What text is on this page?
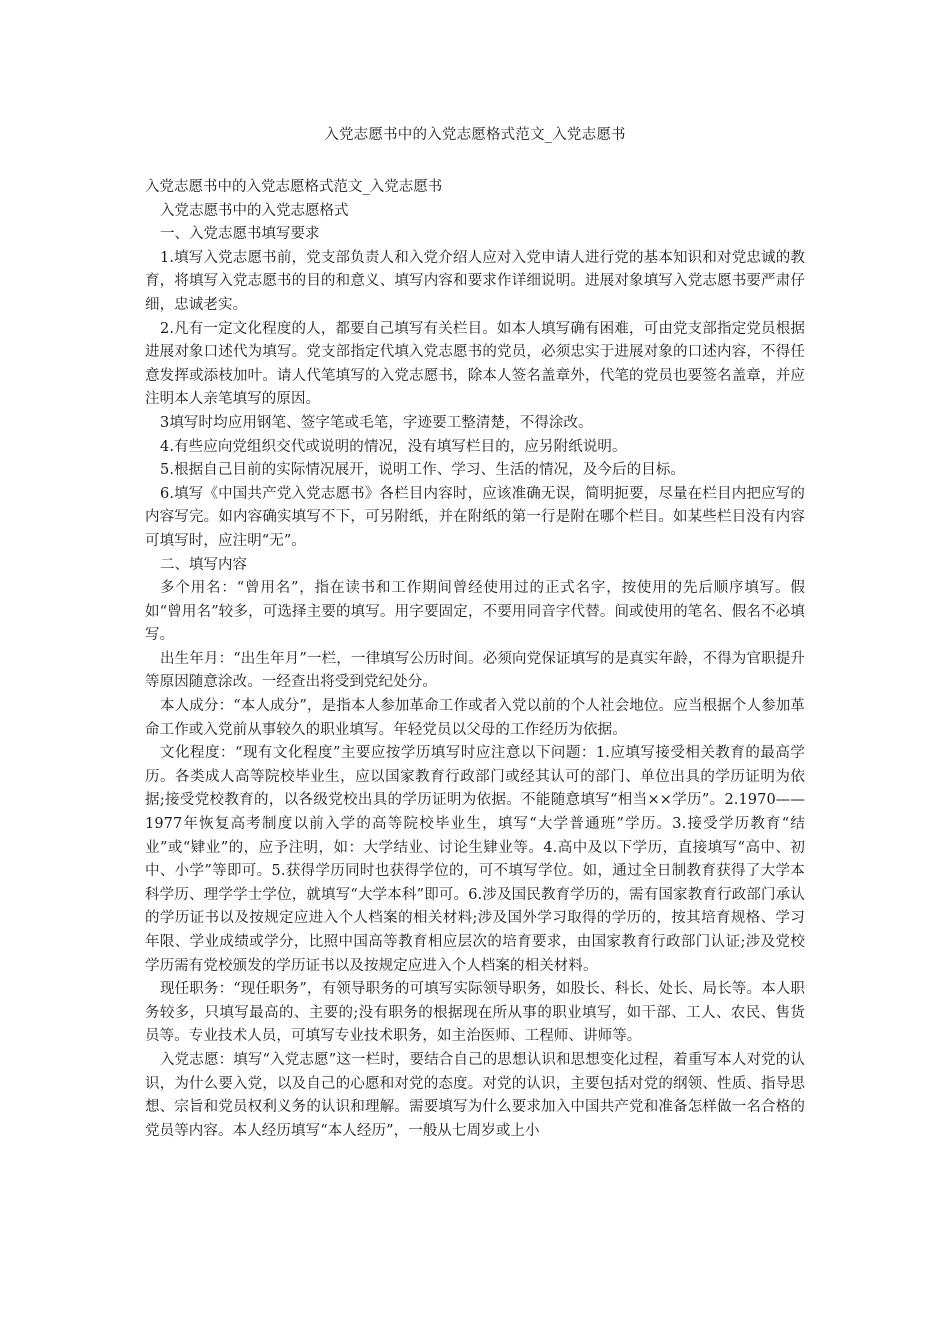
入党志愿书中的入党志愿格式范文_入党志愿书

入党志愿书中的入党志愿格式范文_入党志愿书

入党志愿书中的入党志愿格式

一、入党志愿书填写要求

1.填写入党志愿书前，党支部负责人和入党介绍人应对入党申请人进行党的基本知识和对党忠诚的教育，将填写入党志愿书的目的和意义、填写内容和要求作详细说明。进展对象填写入党志愿书要严肃仔细，忠诚老实。

2.凡有一定文化程度的人，都要自己填写有关栏目。如本人填写确有困难，可由党支部指定党员根据进展对象口述代为填写。党支部指定代填入党志愿书的党员，必须忠实于进展对象的口述内容，不得任意发挥或添枝加叶。请人代笔填写的入党志愿书，除本人签名盖章外，代笔的党员也要签名盖章，并应注明本人亲笔填写的原因。

3填写时均应用钢笔、签字笔或毛笔，字迹要工整清楚，不得涂改。

4.有些应向党组织交代或说明的情况，没有填写栏目的，应另附纸说明。

5.根据自己目前的实际情况展开，说明工作、学习、生活的情况，及今后的目标。

6.填写《中国共产党入党志愿书》各栏目内容时，应该准确无误，简明扼要，尽量在栏目内把应写的内容写完。如内容确实填写不下，可另附纸，并在附纸的第一行是附在哪个栏目。如某些栏目没有内容可填写时，应注明“无”。

二、填写内容

多个用名：“曾用名”，指在读书和工作期间曾经使用过的正式名字，按使用的先后顺序填写。假如“曾用名”较多，可选择主要的填写。用字要固定，不要用同音字代替。间或使用的笔名、假名不必填写。

出生年月：“出生年月”一栏，一律填写公历时间。必须向党保证填写的是真实年龄，不得为官职提升等原因随意涂改。一经查出将受到党纪处分。

本人成分：“本人成分”，是指本人参加革命工作或者入党以前的个人社会地位。应当根据个人参加革命工作或入党前从事较久的职业填写。年轻党员以父母的工作经历为依据。

文化程度：“现有文化程度”主要应按学历填写时应注意以下问题：1.应填写接受相关教育的最高学历。各类成人高等院校毕业生，应以国家教育行政部门或经其认可的部门、单位出具的学历证明为依据;接受党校教育的，以各级党校出具的学历证明为依据。不能随意填写“相当××学历”。2.1970——1977年恢复高考制度以前入学的高等院校毕业生，填写“大学普通班”学历。3.接受学历教育“结业”或“肄业”的，应予注明，如：大学结业、讨论生肄业等。4.高中及以下学历，直接填写“高中、初中、小学”等即可。5.获得学历同时也获得学位的，可不填写学位。如，通过全日制教育获得了大学本科学历、理学学士学位，就填写“大学本科”即可。6.涉及国民教育学历的，需有国家教育行政部门承认的学历证书以及按规定应进入个人档案的相关材料;涉及国外学习取得的学历的，按其培育规格、学习年限、学业成绩或学分，比照中国高等教育相应层次的培育要求，由国家教育行政部门认证;涉及党校学历需有党校颁发的学历证书以及按规定应进入个人档案的相关材料。

现任职务：“现任职务”，有领导职务的可填写实际领导职务，如股长、科长、处长、局长等。本人职务较多，只填写最高的、主要的;没有职务的根据现在所从事的职业填写，如干部、工人、农民、售货员等。专业技术人员，可填写专业技术职务，如主治医师、工程师、讲师等。

入党志愿：填写“入党志愿”这一栏时，要结合自己的思想认识和思想变化过程，着重写本人对党的认识，为什么要入党，以及自己的心愿和对党的态度。对党的认识，主要包括对党的纲领、性质、指导思想、宗旨和党员权利义务的认识和理解。需要填写为什么要求加入中国共产党和准备怎样做一名合格的党员等内容。本人经历填写“本人经历”，一般从七周岁或上小
